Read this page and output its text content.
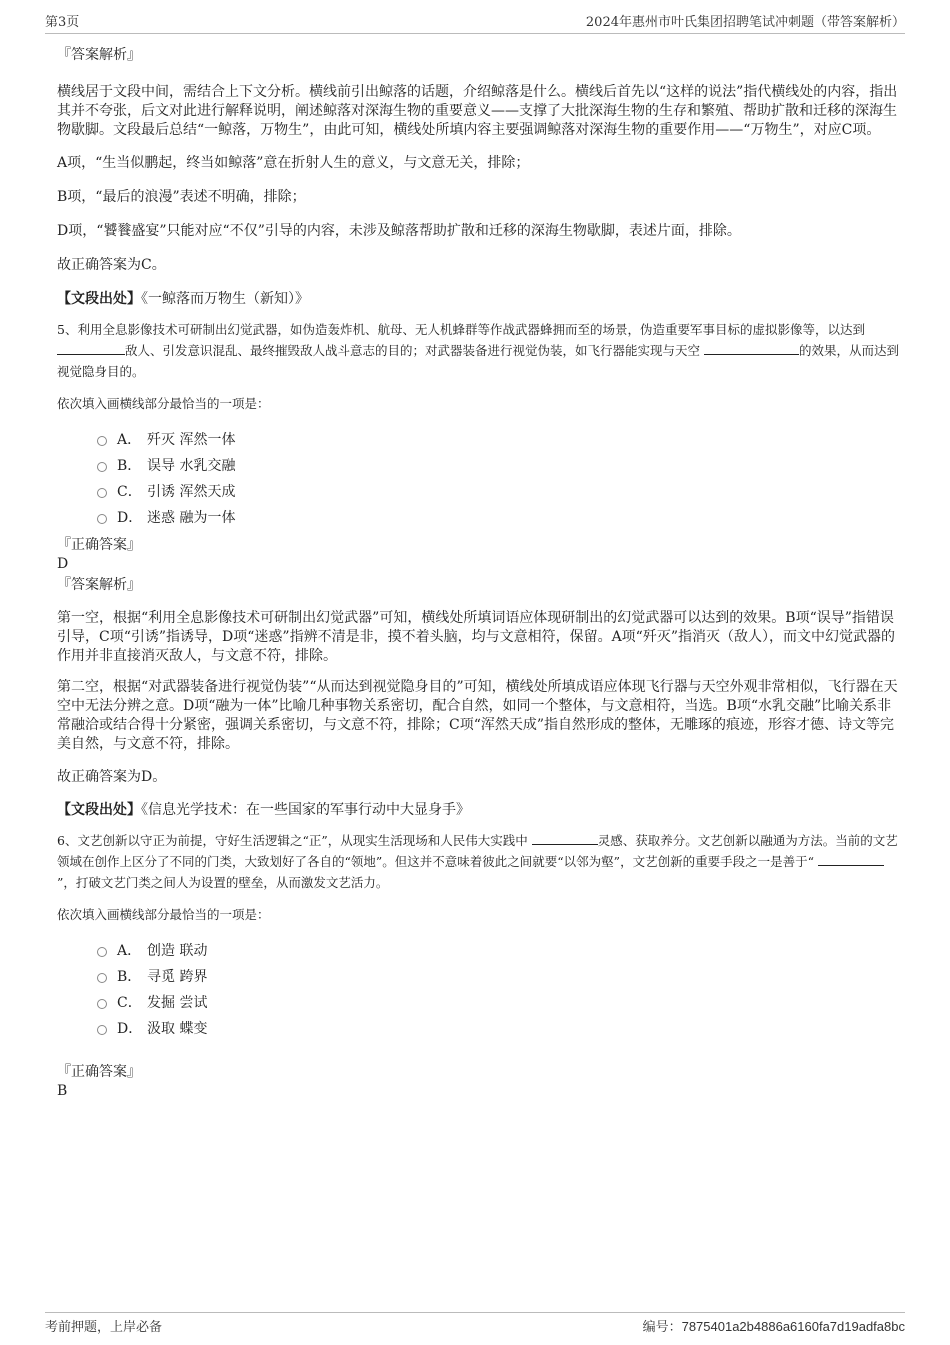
第3页	2024年惠州市叶氏集团招聘笔试冲刺题（带答案解析）

『答案解析』

横线居于文段中间，需结合上下文分析。横线前引出鲸落的话题，介绍鲸落是什么。横线后首先以“这样的说法”指代横线处的内容，指出其并不夸张，后文对此进行解释说明，阐述鲸落对深海生物的重要意义——支撑了大批深海生物的生存和繁殖、帮助扩散和迁移的深海生物歇脚。文段最后总结“一鲸落，万物生”，由此可知，横线处所填内容主要强调鲸落对深海生物的重要作用——“万物生”，对应C项。

A项，“生当似鹏起，终当如鲸落”意在折射人生的意义，与文意无关，排除；

B项，“最后的浪漫”表述不明确，排除；

D项，“饕餮盛宴”只能对应“不仅”引导的内容，未涉及鲸落帮助扩散和迁移的深海生物歇脚，表述片面，排除。

故正确答案为C。

【文段出处】《一鲸落而万物生（新知）》

5、利用全息影像技术可研制出幻觉武器，如伪造轰炸机、航母、无人机蜂群等作战武器蜂拥而至的场景，伪造重要军事目标的虚拟影像等，以达到 敌人、引发意识混乱、最终摧毁敌人战斗意志的目的；对武器装备进行视觉伪装，如飞行器能实现与天空	的效果，从而达到视觉隐身目的。

依次填入画横线部分最恰当的一项是：

A． 歼灭 浑然一体
B． 误导 水乳交融
C． 引诱 浑然天成
D． 迷惑 融为一体

『正确答案』

D

『答案解析』

第一空，根据“利用全息影像技术可研制出幻觉武器”可知，横线处所填词语应体现研制出的幻觉武器可以达到的效果。B项“误导”指错误引导，C项“引诱”指诱导，D项“迷惑”指辨不清是非，摸不着头脑，均与文意相符，保留。A项“歼灭”指消灭（敌人），而文中幻觉武器的作用并非直接消灭敌人，与文意不符，排除。

第二空，根据“对武器装备进行视觉伪装”“从而达到视觉隐身目的”可知，横线处所填成语应体现飞行器与天空外观非常相似，飞行器在天空中无法分辨之意。D项“融为一体”比喻几种事物关系密切，配合自然，如同一个整体，与文意相符，当选。B项“水乳交融”比喻关系非常融洽或结合得十分紧密，强调关系密切，与文意不符，排除；C项“浑然天成”指自然形成的整体，无雕琢的痕迹，形容才德、诗文等完美自然，与文意不符，排除。

故正确答案为D。

【文段出处】《信息光学技术：在一些国家的军事行动中大显身手》

6、文艺创新以守正为前提，守好生活逻辑之“正”，从现实生活现场和人民伟大实践中	灵感、获取养分。文艺创新以融通为方法。当前的文艺领域在创作上区分了不同的门类，大致划好了各自的“领地”。但这并不意味着彼此之间就要“以邻为壑”，文艺创新的重要手段之一是善于“ ”，打破文艺门类之间人为设置的壁垒，从而激发文艺活力。

依次填入画横线部分最恰当的一项是：

A． 创造 联动
B． 寻觅 跨界
C． 发掘 尝试
D． 汲取 蝶变

『正确答案』

B

考前押题，上岸必备	编号：7875401a2b4886a6160fa7d19adfa8bc
